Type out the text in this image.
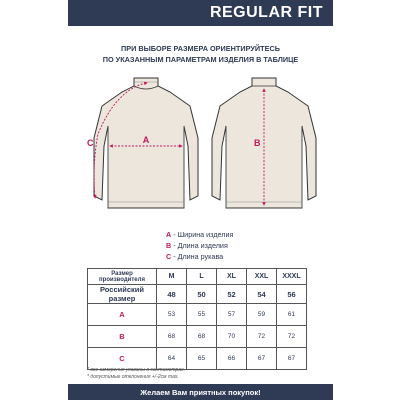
REGULAR FIT
ПРИ ВЫБОРЕ РАЗМЕРА ОРИЕНТИРУЙТЕСЬ
ПО УКАЗАННЫМ ПАРАМЕТРАМ ИЗДЕЛИЯ В ТАБЛИЦЕ
A
C	B
A - Ширина изделия
B - Длина изделия
C - Длина рукава
Размер производителя	M	L	XL	XXL	XXXL
Российский размер	48	50	52	54	56
A	53	55	57	59	61
B	68	68	70	72	72
C	64	65	66	67	67
* все измерения указаны в сантиметрах.
* допустимые отклонения +/-2см max.
Желаем Вам приятных покупок!
